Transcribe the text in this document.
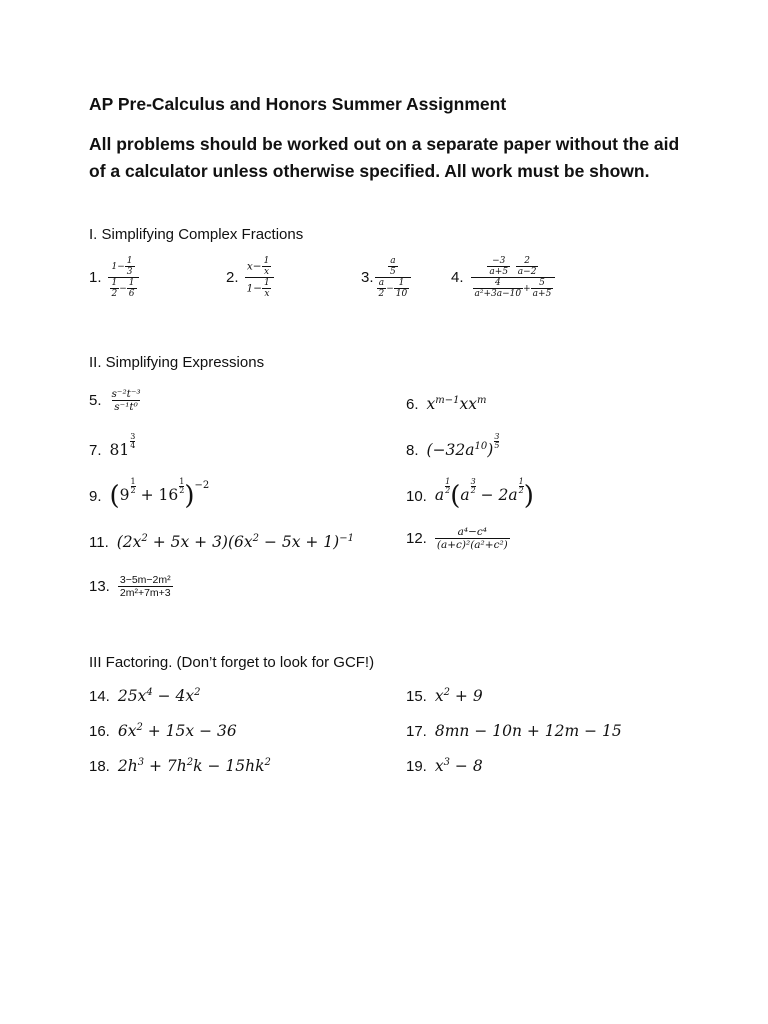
AP Pre-Calculus and Honors Summer Assignment
All problems should be worked out on a separate paper without the aid of a calculator unless otherwise specified. All work must be shown.
I. Simplifying Complex Fractions
1.
$1- \frac{1}{3}$
$\frac{1}{2} - \frac{1}{6}$
2.
$x- \frac{1}{x}$
$1- \frac{1}{x}$
3.
$\frac{a}{5}$
$\frac{a}{2} - \frac{1}{10}$
4.
$\frac{-3}{a+5}$
$\frac{2}{a-2}$
$\frac{4}{\text{a²+3a−10}} + \frac{5}{a+5}$
II. Simplifying Expressions
5. s⁻²t⁻³
s⁻¹t⁰	6. $x^{m-1}xx^m$
7. $81 \frac{3}{4}$	8. $(-32a^{10}) \frac{3}{5}$
9. $(9 \frac{1}{2} + 16 \frac{1}{2} )^{-2}$
10. a $\frac{1}{2} (a \frac{3}{2} - 2a \frac{1}{2}$ )
11. $(2x^2 + 5x + 3)(6x^2 - 5x + 1)^{-1}$	12.	a⁴−c⁴
(a+c)²(a²+c²)
13. 3−5m−2m²
2m²+7m+3
III Factoring. (Don’t forget to look for GCF!)
14. $25x^4 - 4x^2$	15. $x^2 + 9$
16. $6x^2 + 15x - 36$	17. 8mn − 10n + 12m − 15
18. $2h^3 + 7h^2k - 15hk^2$	19. $x^3 - 8$
